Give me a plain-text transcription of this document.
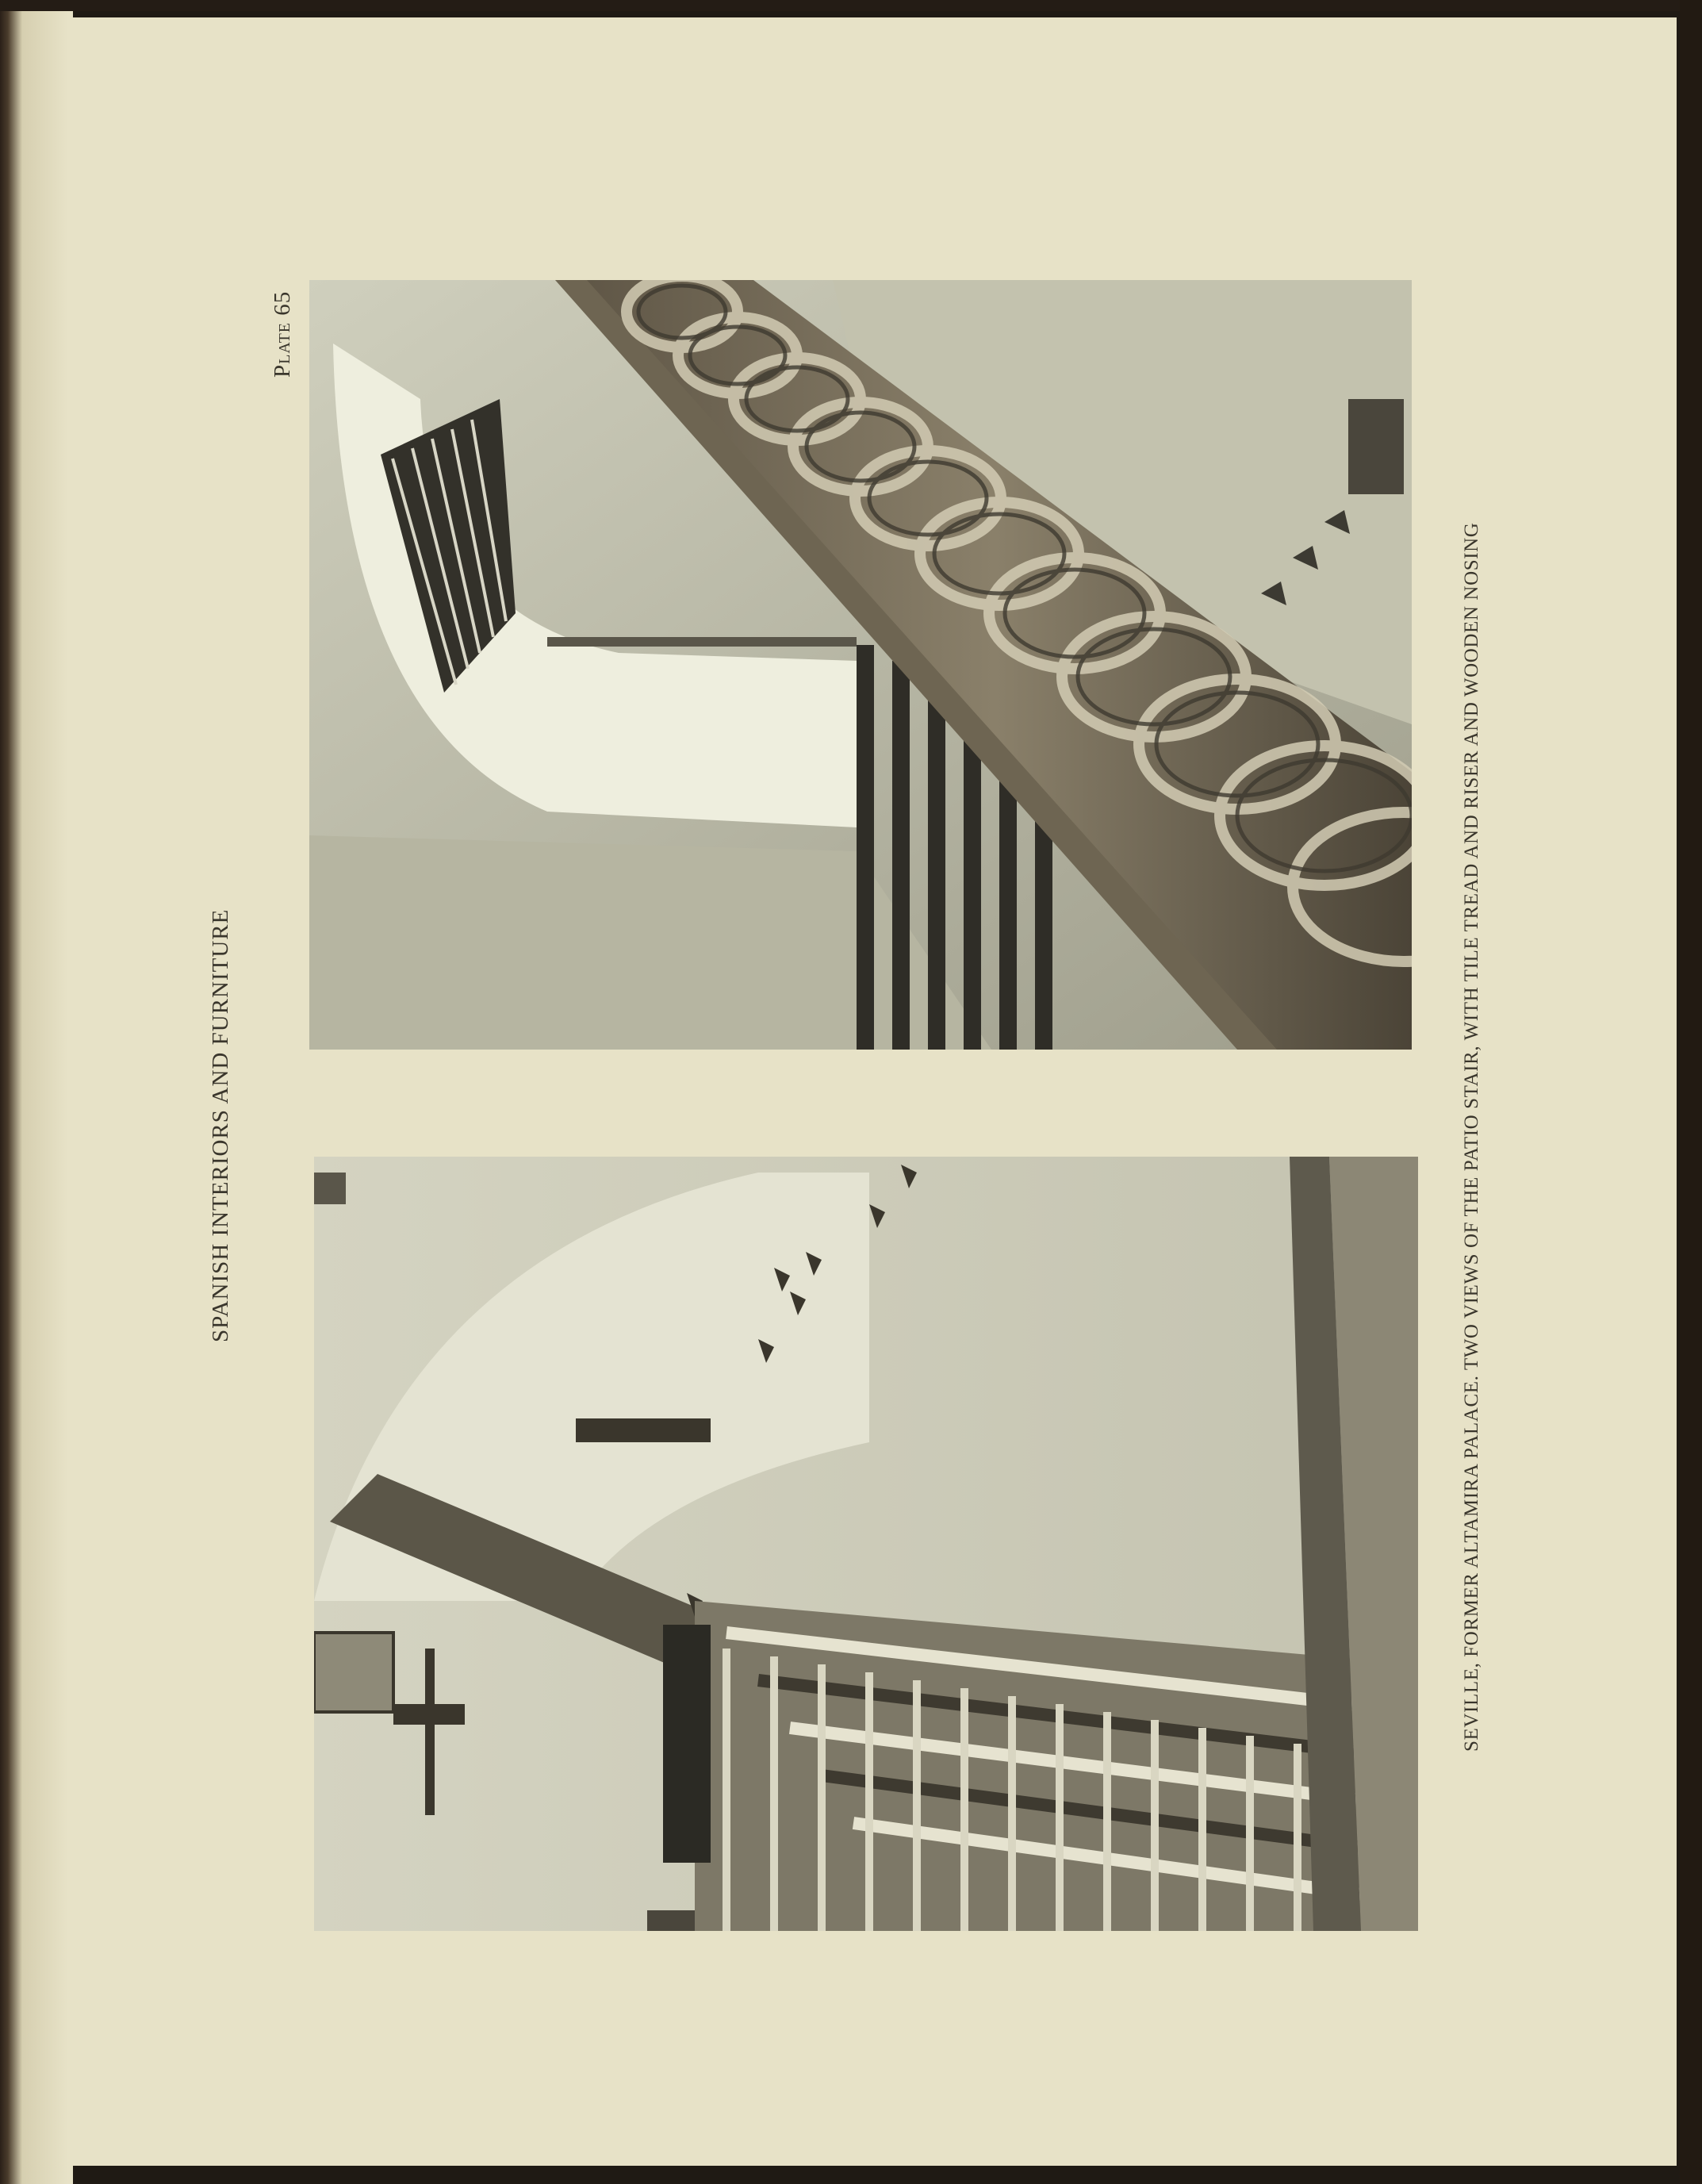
SPANISH INTERIORS AND FURNITURE
Plate 65
SEVILLE, FORMER ALTAMIRA PALACE. TWO VIEWS OF THE PATIO STAIR, WITH TILE TREAD AND RISER AND WOODEN NOSING
